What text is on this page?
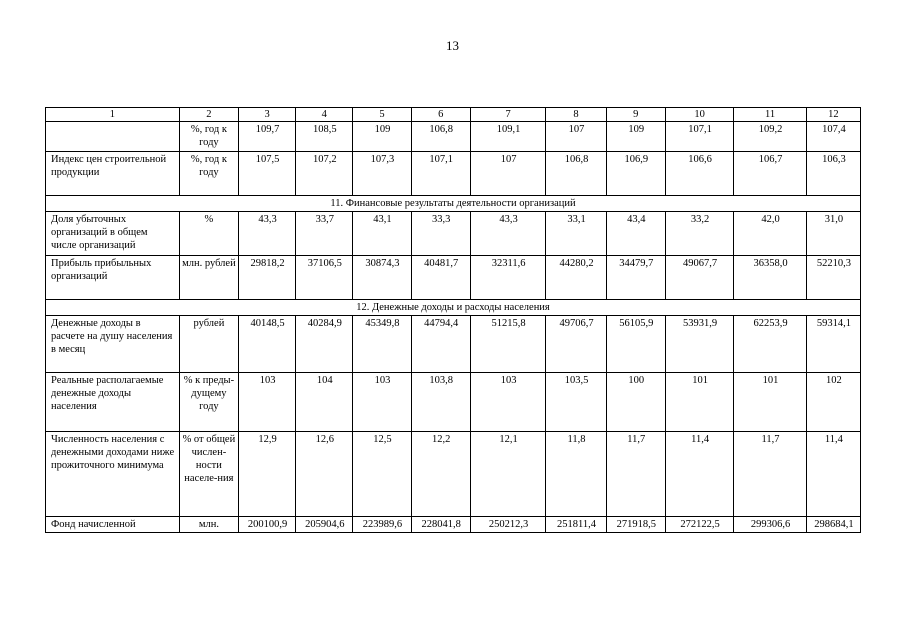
13
1	2	3	4	5	6	7	8	9	10	11	12
	%, год к году	109,7	108,5	109	106,8	109,1	107	109	107,1	109,2	107,4
Индекс цен строительной продукции	%, год к году	107,5	107,2	107,3	107,1	107	106,8	106,9	106,6	106,7	106,3
11. Финансовые результаты деятельности организаций											
Доля убыточных организаций в общем числе организаций	%	43,3	33,7	43,1	33,3	43,3	33,1	43,4	33,2	42,0	31,0
Прибыль прибыльных организаций	млн. рублей	29818,2	37106,5	30874,3	40481,7	32311,6	44280,2	34479,7	49067,7	36358,0	52210,3
12. Денежные доходы и расходы населения											
Денежные доходы в расчете на душу населения в месяц	рублей	40148,5	40284,9	45349,8	44794,4	51215,8	49706,7	56105,9	53931,9	62253,9	59314,1
Реальные располагаемые денежные доходы населения	% к преды-дущему году	103	104	103	103,8	103	103,5	100	101	101	102
Численность населения с денежными доходами ниже прожиточного минимума	% от общей числен-ности населе-ния	12,9	12,6	12,5	12,2	12,1	11,8	11,7	11,4	11,7	11,4
Фонд начисленной	млн.	200100,9	205904,6	223989,6	228041,8	250212,3	251811,4	271918,5	272122,5	299306,6	298684,1
